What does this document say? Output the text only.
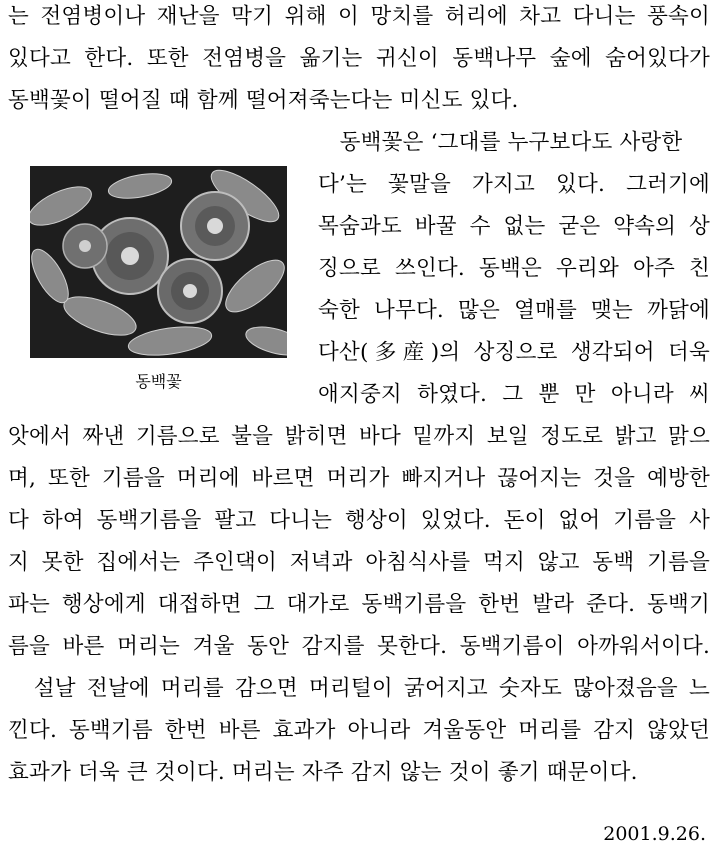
는 전염병이나 재난을 막기 위해 이 망치를 허리에 차고 다니는 풍속이
있다고 한다. 또한 전염병을 옮기는 귀신이 동백나무 숲에 숨어있다가
동백꽃이 떨어질 때 함께 떨어져죽는다는 미신도 있다.
　동백꽃은 ‘그대를 누구보다도 사랑한
다’는 꽃말을 가지고 있다. 그러기에
목숨과도 바꿀 수 없는 굳은 약속의 상
징으로 쓰인다. 동백은 우리와 아주 친
숙한 나무다. 많은 열매를 맺는 까닭에
다산(多産)의 상징으로 생각되어 더욱
애지중지 하였다. 그 뿐 만 아니라 씨
동백꽃
앗에서 짜낸 기름으로 불을 밝히면 바다 밑까지 보일 정도로 밝고 맑으
며, 또한 기름을 머리에 바르면 머리가 빠지거나 끊어지는 것을 예방한
다 하여 동백기름을 팔고 다니는 행상이 있었다. 돈이 없어 기름을 사
지 못한 집에서는 주인댁이 저녁과 아침식사를 먹지 않고 동백 기름을
파는 행상에게 대접하면 그 대가로 동백기름을 한번 발라 준다. 동백기
름을 바른 머리는 겨울 동안 감지를 못한다. 동백기름이 아까워서이다.
　설날 전날에 머리를 감으면 머리털이 굵어지고 숫자도 많아졌음을 느
낀다. 동백기름 한번 바른 효과가 아니라 겨울동안 머리를 감지 않았던
효과가 더욱 큰 것이다. 머리는 자주 감지 않는 것이 좋기 때문이다.
2001.9.26.
